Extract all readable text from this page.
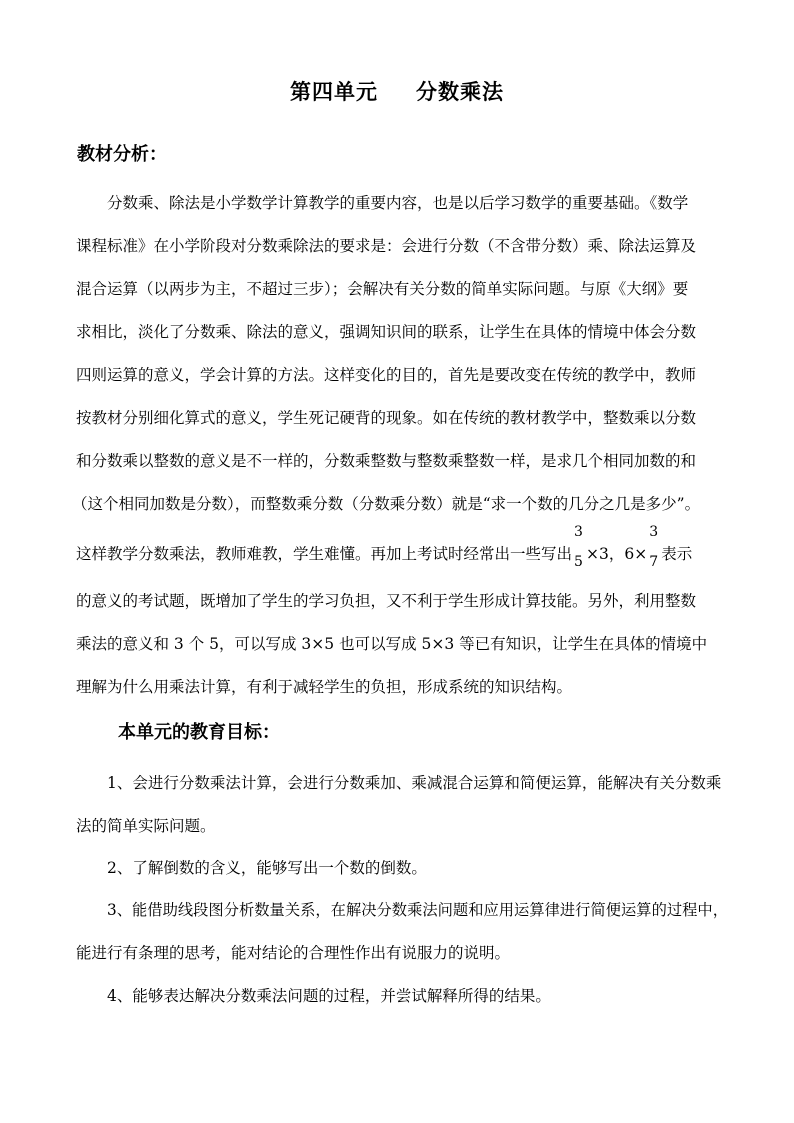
第四单元 分数乘法
教材分析：
分数乘、除法是小学数学计算教学的重要内容，也是以后学习数学的重要基础。《数学
课程标准》在小学阶段对分数乘除法的要求是：会进行分数（不含带分数）乘、除法运算及
混合运算（以两步为主，不超过三步）；会解决有关分数的简单实际问题。与原《大纲》要
求相比，淡化了分数乘、除法的意义，强调知识间的联系，让学生在具体的情境中体会分数
四则运算的意义，学会计算的方法。这样变化的目的，首先是要改变在传统的教学中，教师
按教材分别细化算式的意义，学生死记硬背的现象。如在传统的教材教学中，整数乘以分数
和分数乘以整数的意义是不一样的，分数乘整数与整数乘整数一样，是求几个相同加数的和
（这个相同加数是分数），而整数乘分数（分数乘分数）就是“求一个数的几分之几是多少”。
这样教学分数乘法，教师难教，学生难懂。再加上考试时经常出一些写出
3
5 ×3，6×
3
7 表示
的意义的考试题，既增加了学生的学习负担，又不利于学生形成计算技能。另外，利用整数
乘法的意义和 3 个 5，可以写成 3×5 也可以写成 5×3 等已有知识，让学生在具体的情境中
理解为什么用乘法计算，有利于减轻学生的负担，形成系统的知识结构。
本单元的教育目标：
1、会进行分数乘法计算，会进行分数乘加、乘减混合运算和简便运算，能解决有关分数乘
法的简单实际问题。
2、了解倒数的含义，能够写出一个数的倒数。
3、能借助线段图分析数量关系，在解决分数乘法问题和应用运算律进行简便运算的过程中，
能进行有条理的思考，能对结论的合理性作出有说服力的说明。
4、能够表达解决分数乘法问题的过程，并尝试解释所得的结果。
